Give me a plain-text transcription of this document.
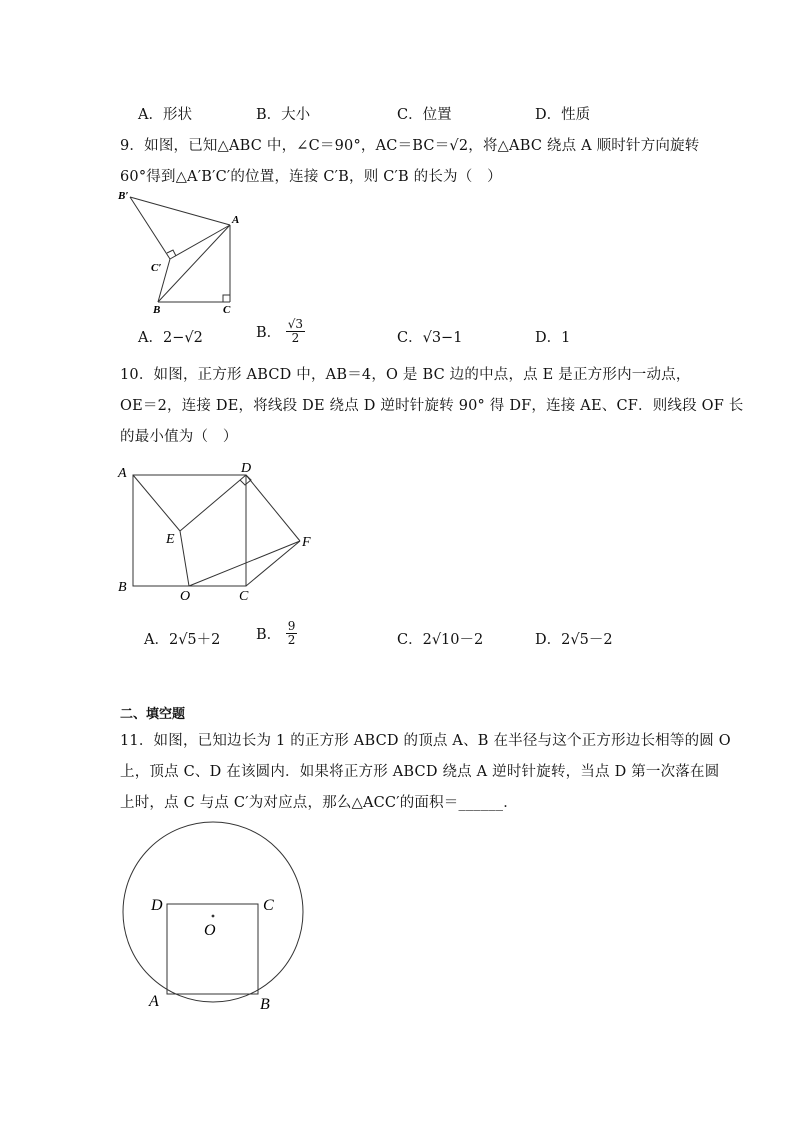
A．形状	B．大小	C．位置	D．性质
9．如图，已知△ABC 中，∠C＝90°，AC＝BC＝√2，将△ABC 绕点 A 顺时针方向旋转
60°得到△A′B′C′的位置，连接 C′B，则 C′B 的长为（　）
B′
A
C′
B	C
A．2−√2	B． $\frac{√3}{2}$	C．√3−1	D．1
10．如图，正方形 ABCD 中，AB＝4，O 是 BC 边的中点，点 E 是正方形内一动点，
OE＝2，连接 DE，将线段 DE 绕点 D 逆时针旋转 90° 得 DF，连接 AE、CF．则线段 OF 长
的最小值为（　）
A	D
E	F
B
O	C
A．2√5＋2 B． $\frac{9}{2}$	C．2√10－2	D．2√5－2
二、填空题
11．如图，已知边长为 1 的正方形 ABCD 的顶点 A、B 在半径与这个正方形边长相等的圆 O
上，顶点 C、D 在该圆内．如果将正方形 ABCD 绕点 A 逆时针旋转，当点 D 第一次落在圆
上时，点 C 与点 C′为对应点，那么△ACC′的面积＝______．
D	C
O
A	B
